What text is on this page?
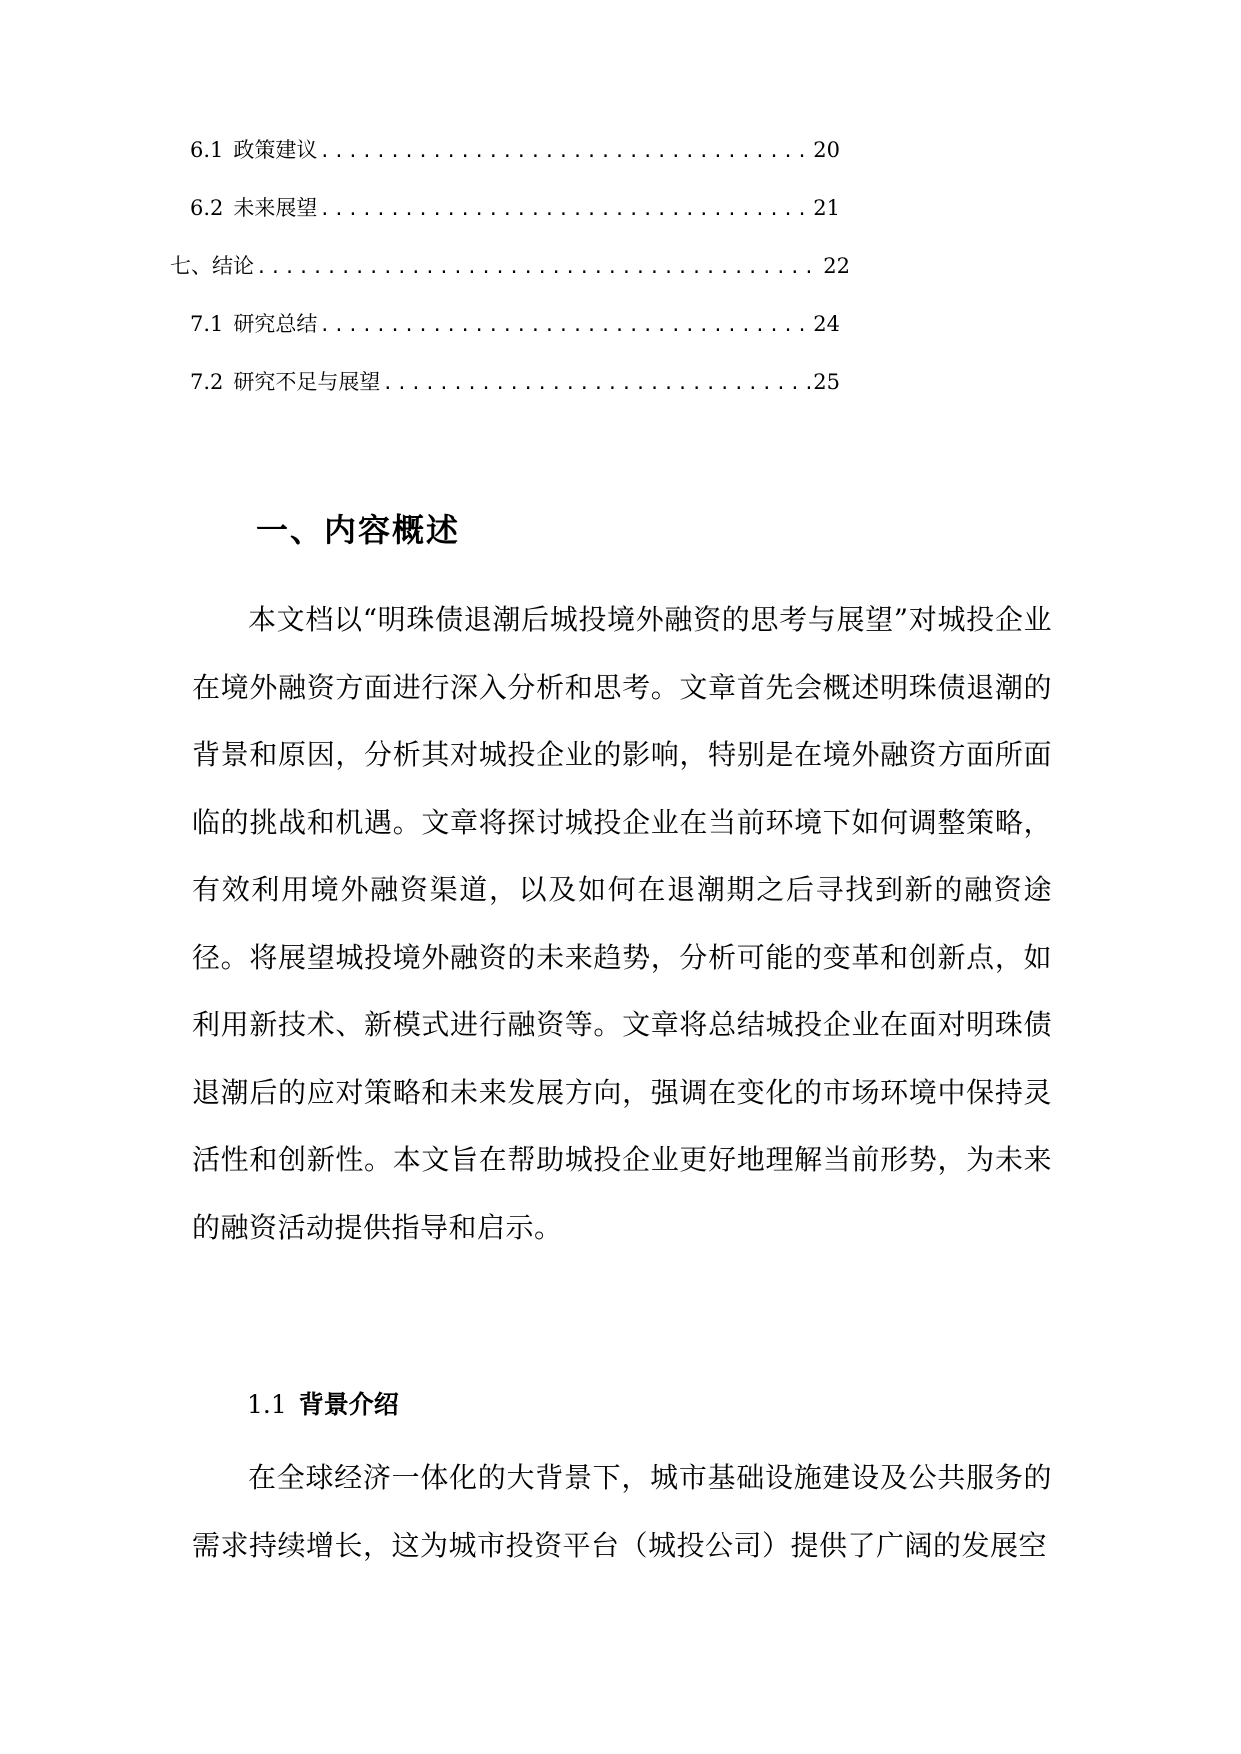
6.1 政策建议 .....	20
6.2 未来展望 .....	21
七、结论 .....	22
7.1 研究总结 .....	24
7.2 研究不足与展望 .....	25
一、内容概述

本文档以“明珠债退潮后城投境外融资的思考与展望”对城投企业在境外融资方面进行深入分析和思考。文章首先会概述明珠债退潮的背景和原因，分析其对城投企业的影响，特别是在境外融资方面所面临的挑战和机遇。文章将探讨城投企业在当前环境下如何调整策略，有效利用境外融资渠道，以及如何在退潮期之后寻找到新的融资途径。将展望城投境外融资的未来趋势，分析可能的变革和创新点，如利用新技术、新模式进行融资等。文章将总结城投企业在面对明珠债退潮后的应对策略和未来发展方向，强调在变化的市场环境中保持灵活性和创新性。本文旨在帮助城投企业更好地理解当前形势，为未来的融资活动提供指导和启示。

1.1 背景介绍

在全球经济一体化的大背景下，城市基础设施建设及公共服务的需求持续增长，这为城市投资平台（城投公司）提供了广阔的发展空
